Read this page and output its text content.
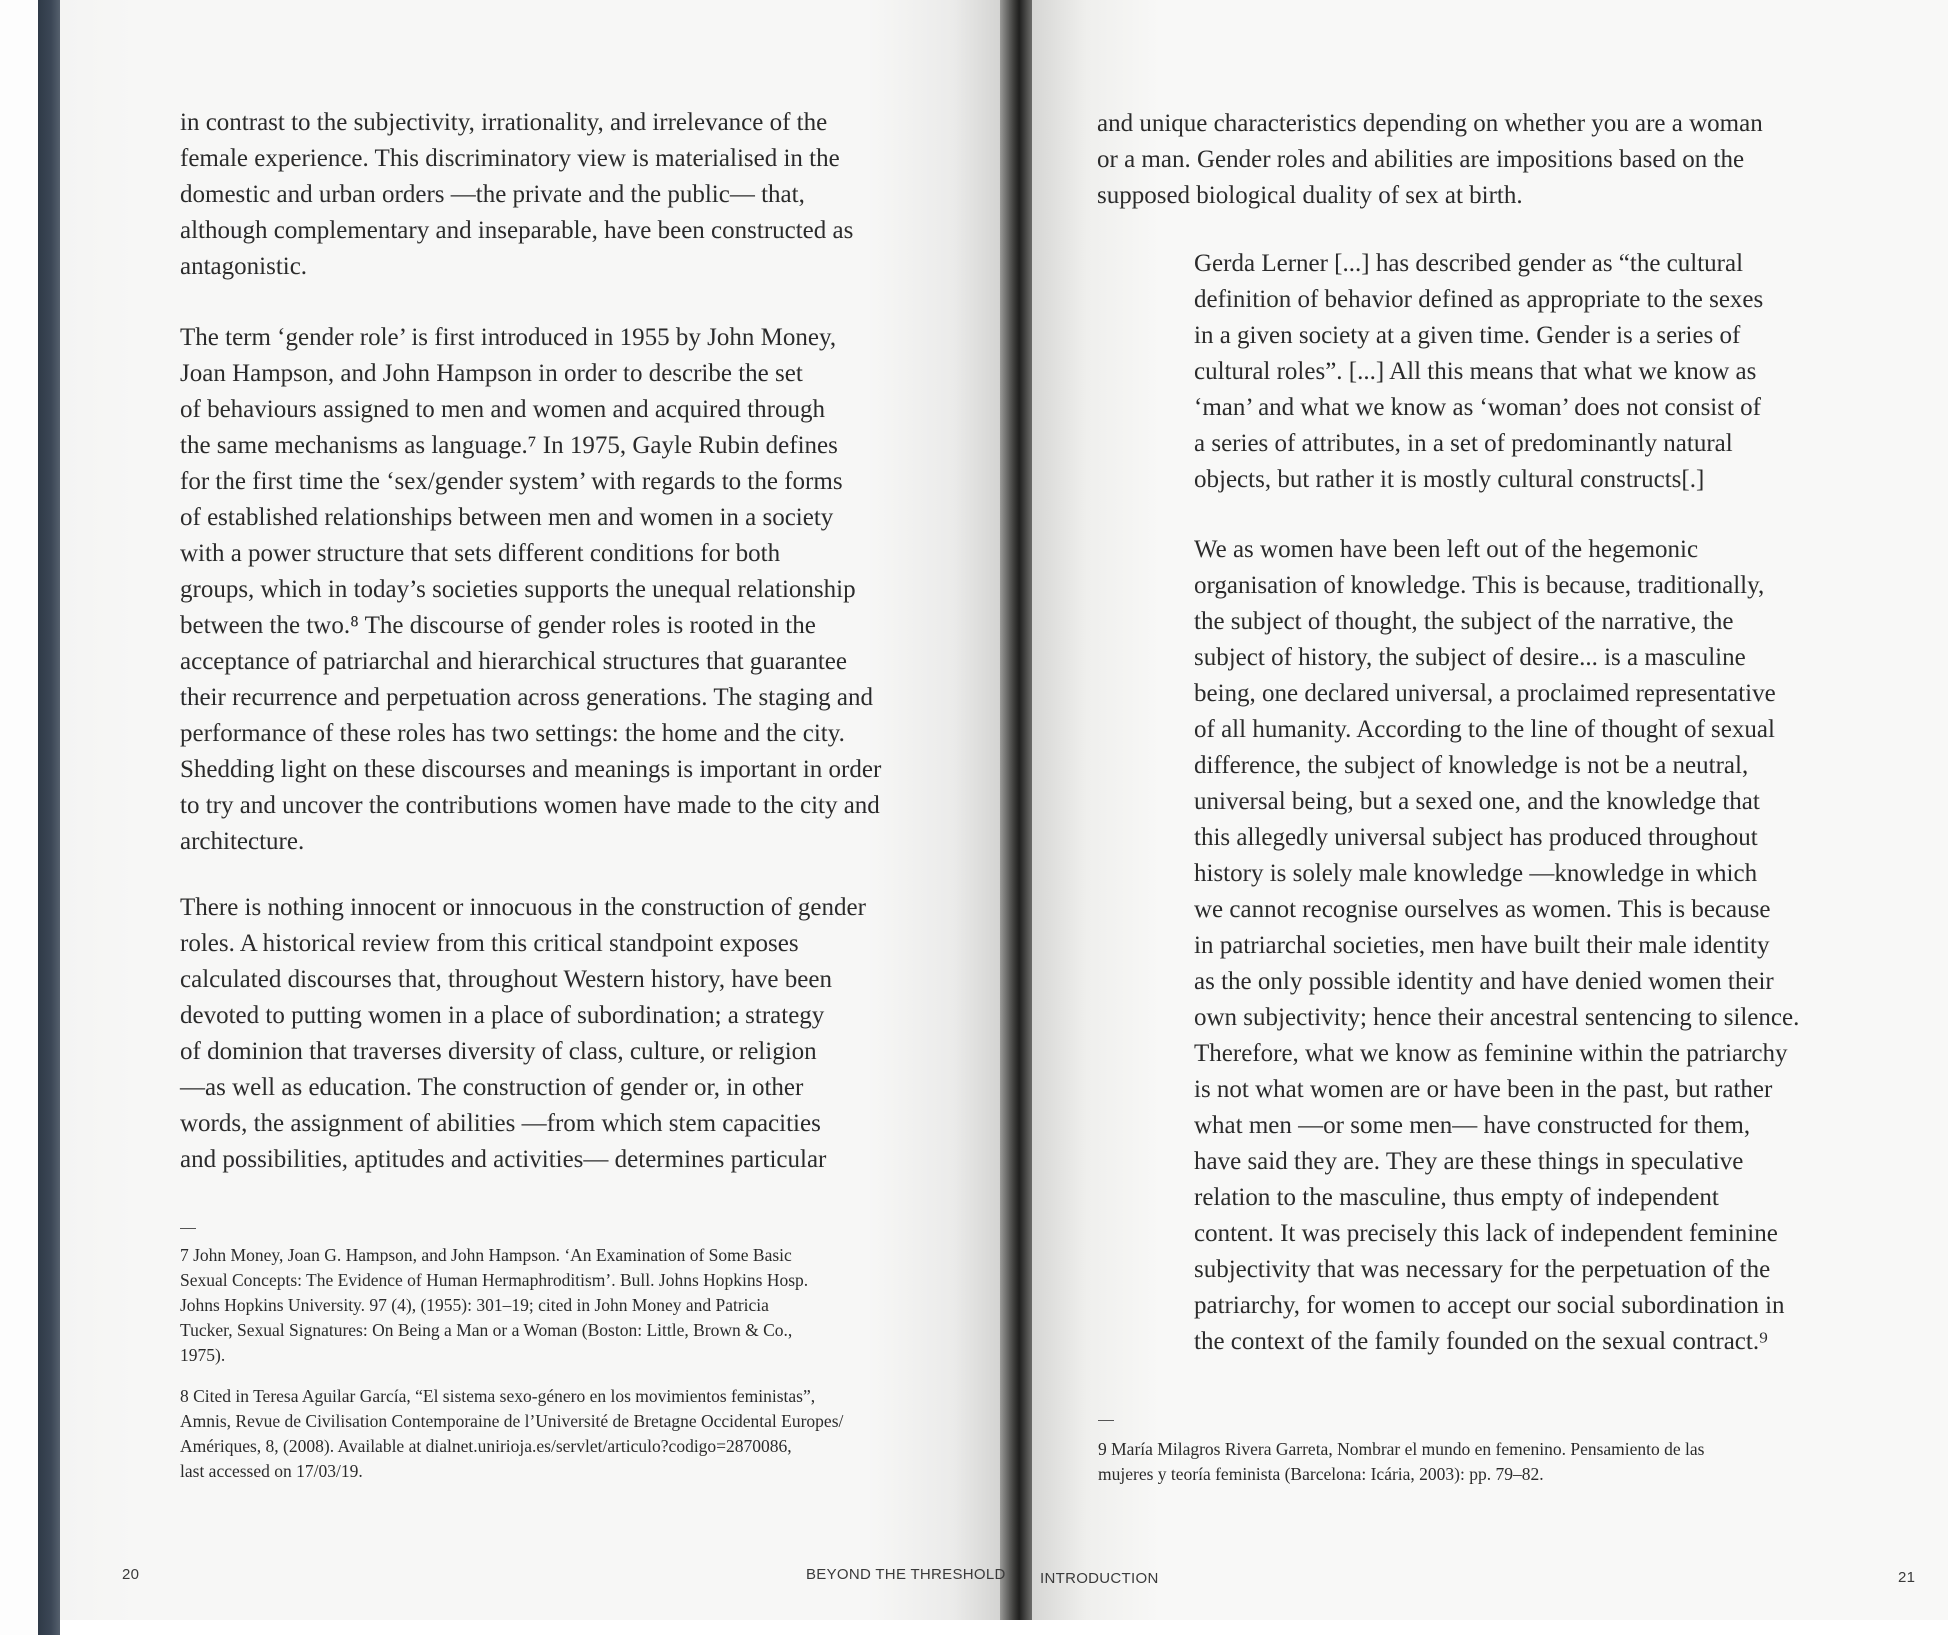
in contrast to the subjectivity, irrationality, and irrelevance of the

female experience. This discriminatory view is materialised in the

domestic and urban orders —the private and the public— that,

although complementary and inseparable, have been constructed as

antagonistic.

The term ‘gender role’ is first introduced in 1955 by John Money,

Joan Hampson, and John Hampson in order to describe the set

of behaviours assigned to men and women and acquired through

the same mechanisms as language.⁷ In 1975, Gayle Rubin defines

for the first time the ‘sex/gender system’ with regards to the forms

of established relationships between men and women in a society

with a power structure that sets different conditions for both

groups, which in today’s societies supports the unequal relationship

between the two.⁸ The discourse of gender roles is rooted in the

acceptance of patriarchal and hierarchical structures that guarantee

their recurrence and perpetuation across generations. The staging and

performance of these roles has two settings: the home and the city.

Shedding light on these discourses and meanings is important in order

to try and uncover the contributions women have made to the city and

architecture.

There is nothing innocent or innocuous in the construction of gender

roles. A historical review from this critical standpoint exposes

calculated discourses that, throughout Western history, have been

devoted to putting women in a place of subordination; a strategy

of dominion that traverses diversity of class, culture, or religion

—as well as education. The construction of gender or, in other

words, the assignment of abilities —from which stem capacities

and possibilities, aptitudes and activities— determines particular

7 John Money, Joan G. Hampson, and John Hampson. ‘An Examination of Some Basic
Sexual Concepts: The Evidence of Human Hermaphroditism’. Bull. Johns Hopkins Hosp.
Johns Hopkins University. 97 (4), (1955): 301–19; cited in John Money and Patricia
Tucker, Sexual Signatures: On Being a Man or a Woman (Boston: Little, Brown & Co.,
1975).
8 Cited in Teresa Aguilar García, “El sistema sexo-género en los movimientos feministas”,
Amnis, Revue de Civilisation Contemporaine de l’Université de Bretagne Occidental Europes/
Amériques, 8, (2008). Available at dialnet.unirioja.es/servlet/articulo?codigo=2870086,
last accessed on 17/03/19.
20	BEYOND THE THRESHOLD

and unique characteristics depending on whether you are a woman

or a man. Gender roles and abilities are impositions based on the

supposed biological duality of sex at birth.

Gerda Lerner [...] has described gender as “the cultural

definition of behavior defined as appropriate to the sexes

in a given society at a given time. Gender is a series of

cultural roles”. [...] All this means that what we know as

‘man’ and what we know as ‘woman’ does not consist of

a series of attributes, in a set of predominantly natural

objects, but rather it is mostly cultural constructs[.]

We as women have been left out of the hegemonic

organisation of knowledge. This is because, traditionally,

the subject of thought, the subject of the narrative, the

subject of history, the subject of desire... is a masculine

being, one declared universal, a proclaimed representative

of all humanity. According to the line of thought of sexual

difference, the subject of knowledge is not be a neutral,

universal being, but a sexed one, and the knowledge that

this allegedly universal subject has produced throughout

history is solely male knowledge —knowledge in which

we cannot recognise ourselves as women. This is because

in patriarchal societies, men have built their male identity

as the only possible identity and have denied women their

own subjectivity; hence their ancestral sentencing to silence.

Therefore, what we know as feminine within the patriarchy

is not what women are or have been in the past, but rather

what men —or some men— have constructed for them,

have said they are. They are these things in speculative

relation to the masculine, thus empty of independent

content. It was precisely this lack of independent feminine

subjectivity that was necessary for the perpetuation of the

patriarchy, for women to accept our social subordination in

the context of the family founded on the sexual contract.⁹

9 María Milagros Rivera Garreta, Nombrar el mundo en femenino. Pensamiento de las
mujeres y teoría feminista (Barcelona: Icária, 2003): pp. 79–82.
INTRODUCTION	21
